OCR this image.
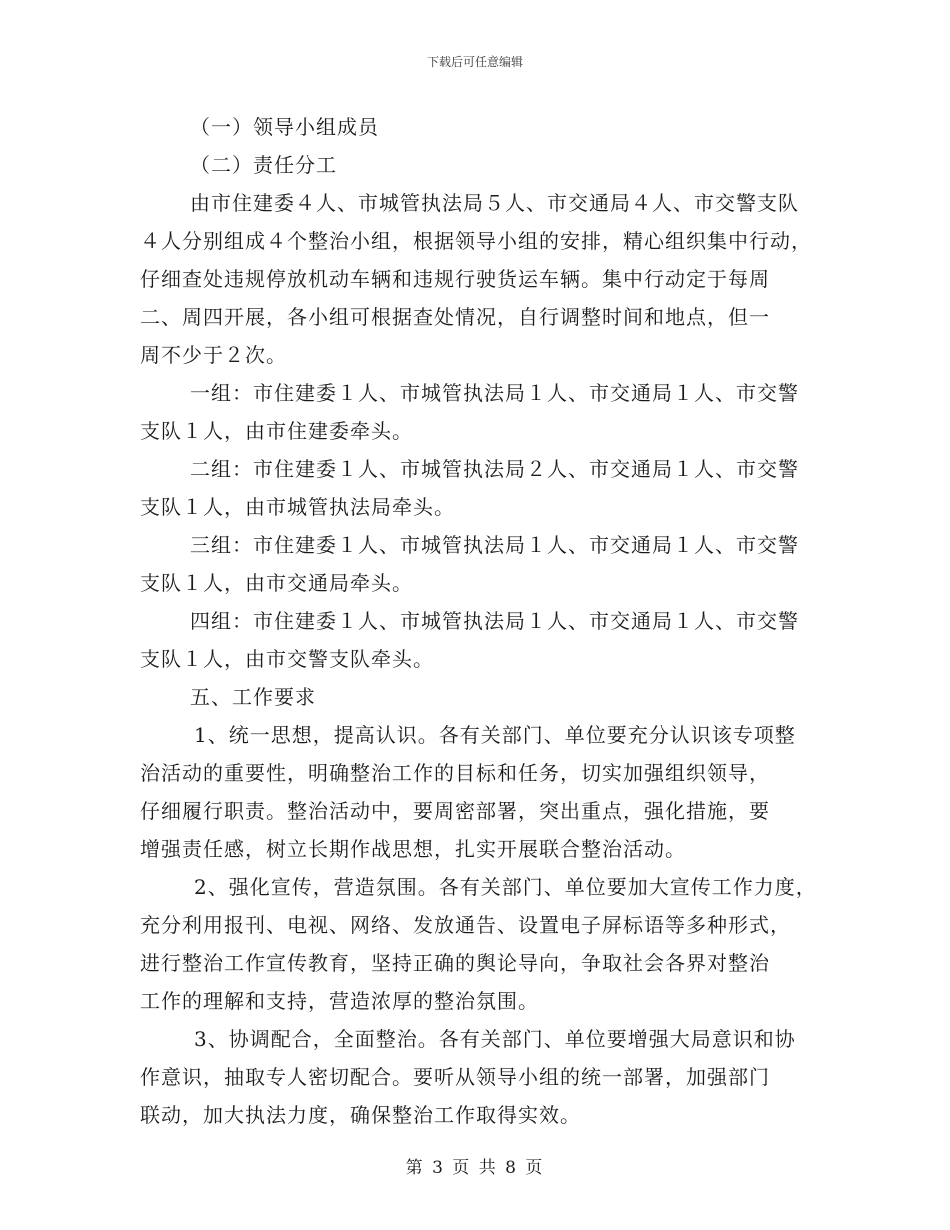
下载后可任意编辑
（一）领导小组成员
（二）责任分工
由市住建委４人、市城管执法局５人、市交通局４人、市交警支队
４人分别组成４个整治小组，根据领导小组的安排，精心组织集中行动，
仔细查处违规停放机动车辆和违规行驶货运车辆。集中行动定于每周
二、周四开展，各小组可根据查处情况，自行调整时间和地点，但一
周不少于２次。
一组：市住建委１人、市城管执法局１人、市交通局１人、市交警
支队１人，由市住建委牵头。
二组：市住建委１人、市城管执法局２人、市交通局１人、市交警
支队１人，由市城管执法局牵头。
三组：市住建委１人、市城管执法局１人、市交通局１人、市交警
支队１人，由市交通局牵头。
四组：市住建委１人、市城管执法局１人、市交通局１人、市交警
支队１人，由市交警支队牵头。
五、工作要求
1、统一思想，提高认识。各有关部门、单位要充分认识该专项整
治活动的重要性，明确整治工作的目标和任务，切实加强组织领导，
仔细履行职责。整治活动中，要周密部署，突出重点，强化措施，要
增强责任感，树立长期作战思想，扎实开展联合整治活动。
2、强化宣传，营造氛围。各有关部门、单位要加大宣传工作力度，
充分利用报刊、电视、网络、发放通告、设置电子屏标语等多种形式，
进行整治工作宣传教育，坚持正确的舆论导向，争取社会各界对整治
工作的理解和支持，营造浓厚的整治氛围。
3、协调配合，全面整治。各有关部门、单位要增强大局意识和协
作意识，抽取专人密切配合。要听从领导小组的统一部署，加强部门
联动，加大执法力度，确保整治工作取得实效。
第 3 页 共 8 页
